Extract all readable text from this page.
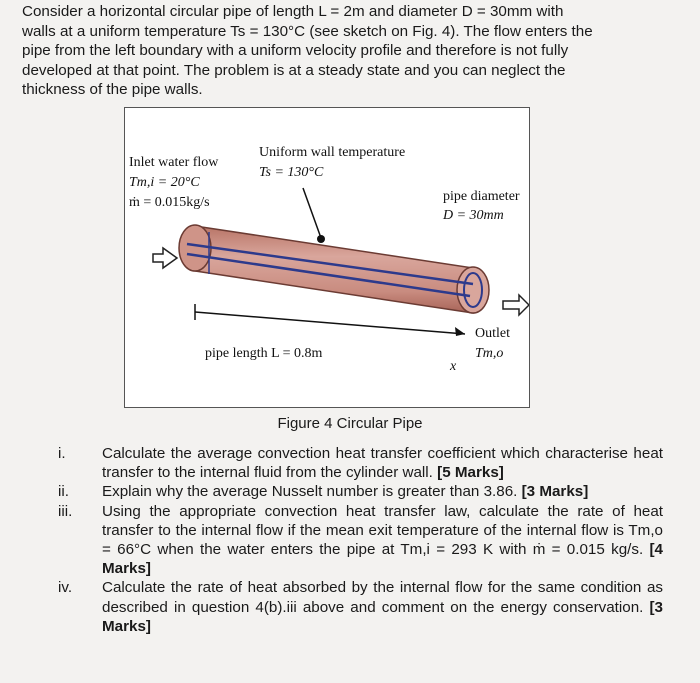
Consider a horizontal circular pipe of length L = 2m and diameter D = 30mm with
walls at a uniform temperature Ts = 130°C (see sketch on Fig. 4). The flow enters the
pipe from the left boundary with a uniform velocity profile and therefore is not fully
developed at that point. The problem is at a steady state and you can neglect the
thickness of the pipe walls.
Inlet water flow
Tm,i = 20°C
ṁ = 0.015kg/s
Uniform wall temperature
Ts = 130°C
pipe diameter
D = 30mm
Outlet
Tm,o
pipe length L = 0.8m
x
Figure 4 Circular Pipe
i.	Calculate the average convection heat transfer coefficient which characterise heat transfer to the internal fluid from the cylinder wall. [5 Marks]
ii.	Explain why the average Nusselt number is greater than 3.86. [3 Marks]
iii.	Using the appropriate convection heat transfer law, calculate the rate of heat transfer to the internal flow if the mean exit temperature of the internal flow is Tm,o = 66°C when the water enters the pipe at Tm,i = 293 K with ṁ = 0.015 kg/s. [4 Marks]
iv.	Calculate the rate of heat absorbed by the internal flow for the same condition as described in question 4(b).iii above and comment on the energy conservation. [3 Marks]
